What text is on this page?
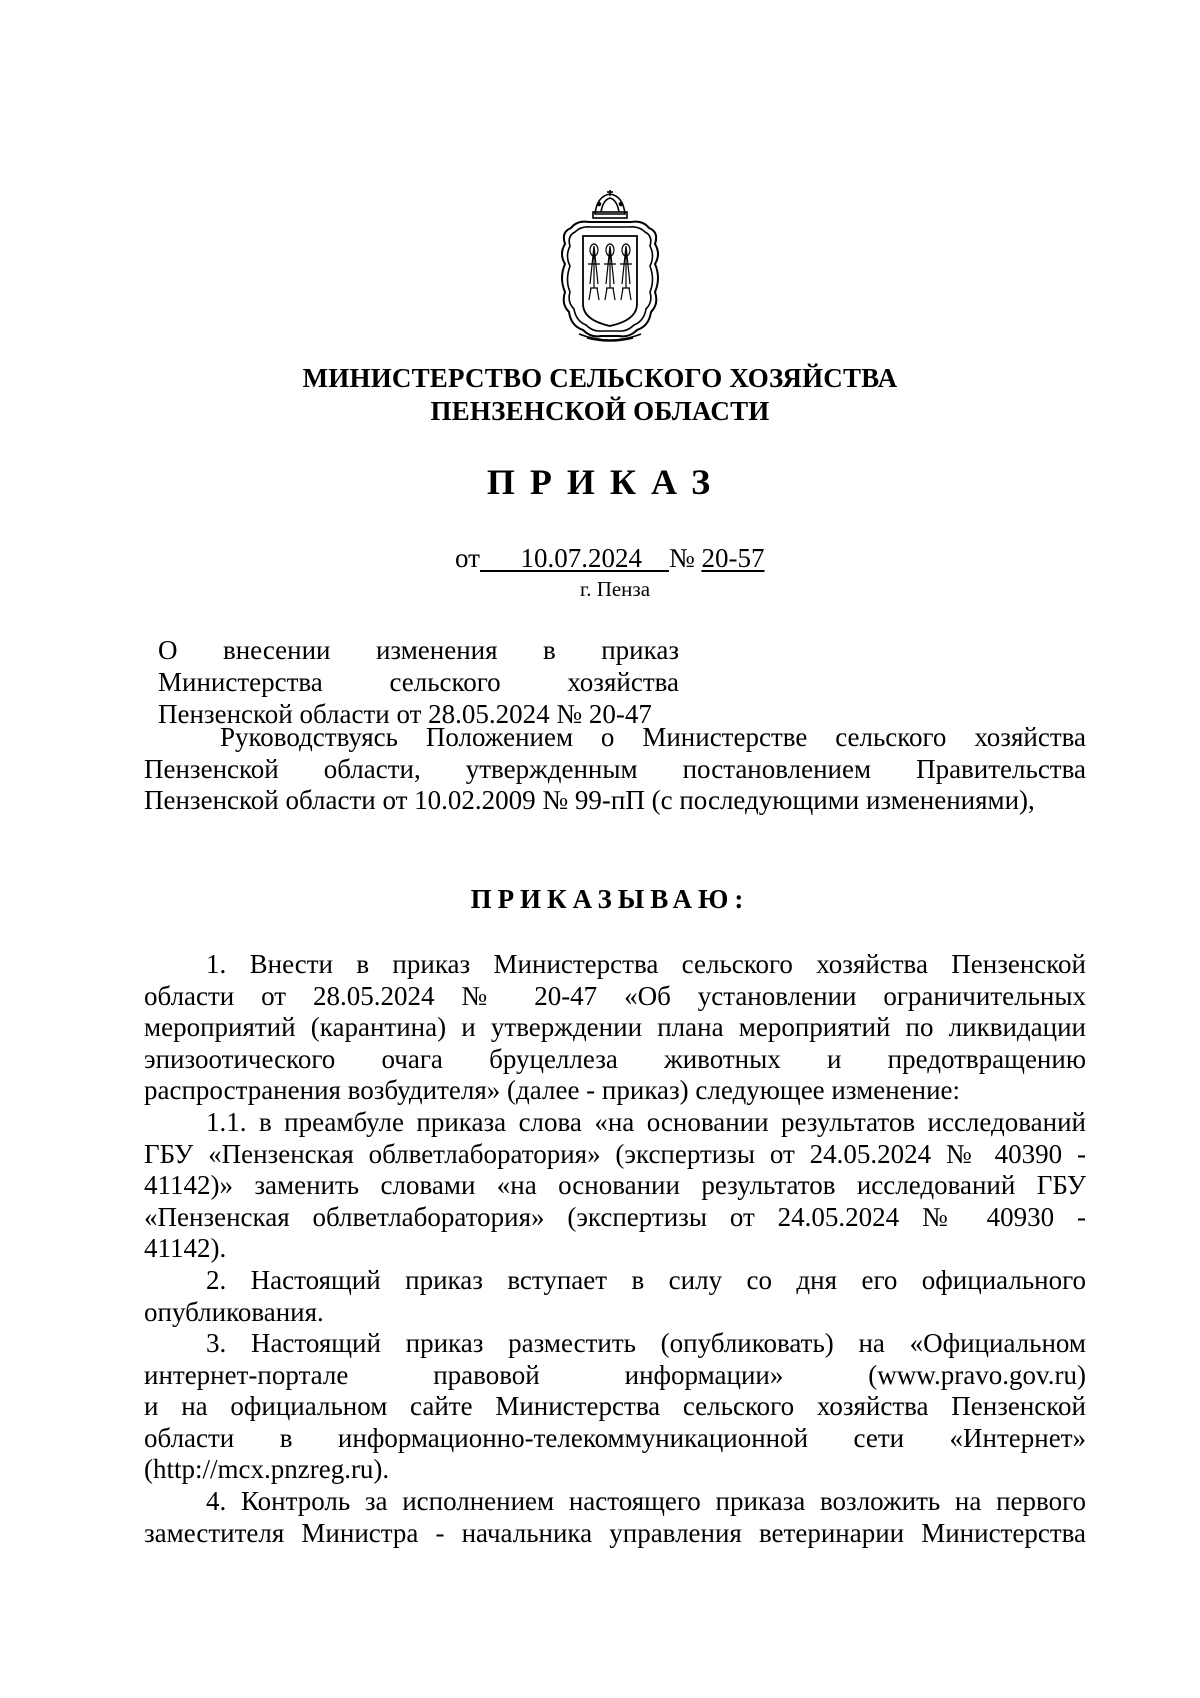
МИНИСТЕРСТВО СЕЛЬСКОГО ХОЗЯЙСТВА
ПЕНЗЕНСКОЙ ОБЛАСТИ
ПРИКАЗ
от 10.07.2024 № 20-57
г. Пенза
О внесении изменения в приказ
Министерства сельского хозяйства
Пензенской области от 28.05.2024 № 20-47
Руководствуясь Положением о Министерстве сельского хозяйства
Пензенской области, утвержденным постановлением Правительства
Пензенской области от 10.02.2009 № 99-пП (с последующими изменениями),
ПРИКАЗЫВАЮ:
1. Внести в приказ Министерства сельского хозяйства Пензенской
области от 28.05.2024 № 20-47 «Об установлении ограничительных
мероприятий (карантина) и утверждении плана мероприятий по ликвидации
эпизоотического очага бруцеллеза животных и предотвращению
распространения возбудителя» (далее - приказ) следующее изменение:
1.1. в преамбуле приказа слова «на основании результатов исследований
ГБУ «Пензенская облветлаборатория» (экспертизы от 24.05.2024 № 40390 -
41142)» заменить словами «на основании результатов исследований ГБУ
«Пензенская облветлаборатория» (экспертизы от 24.05.2024 № 40930 -
41142).
2. Настоящий приказ вступает в силу со дня его официального
опубликования.
3. Настоящий приказ разместить (опубликовать) на «Официальном
интернет-портале правовой информации» (www.pravo.gov.ru)
и на официальном сайте Министерства сельского хозяйства Пензенской
области в информационно-телекоммуникационной сети «Интернет»
(http://mcx.pnzreg.ru).
4. Контроль за исполнением настоящего приказа возложить на первого
заместителя Министра - начальника управления ветеринарии Министерства
